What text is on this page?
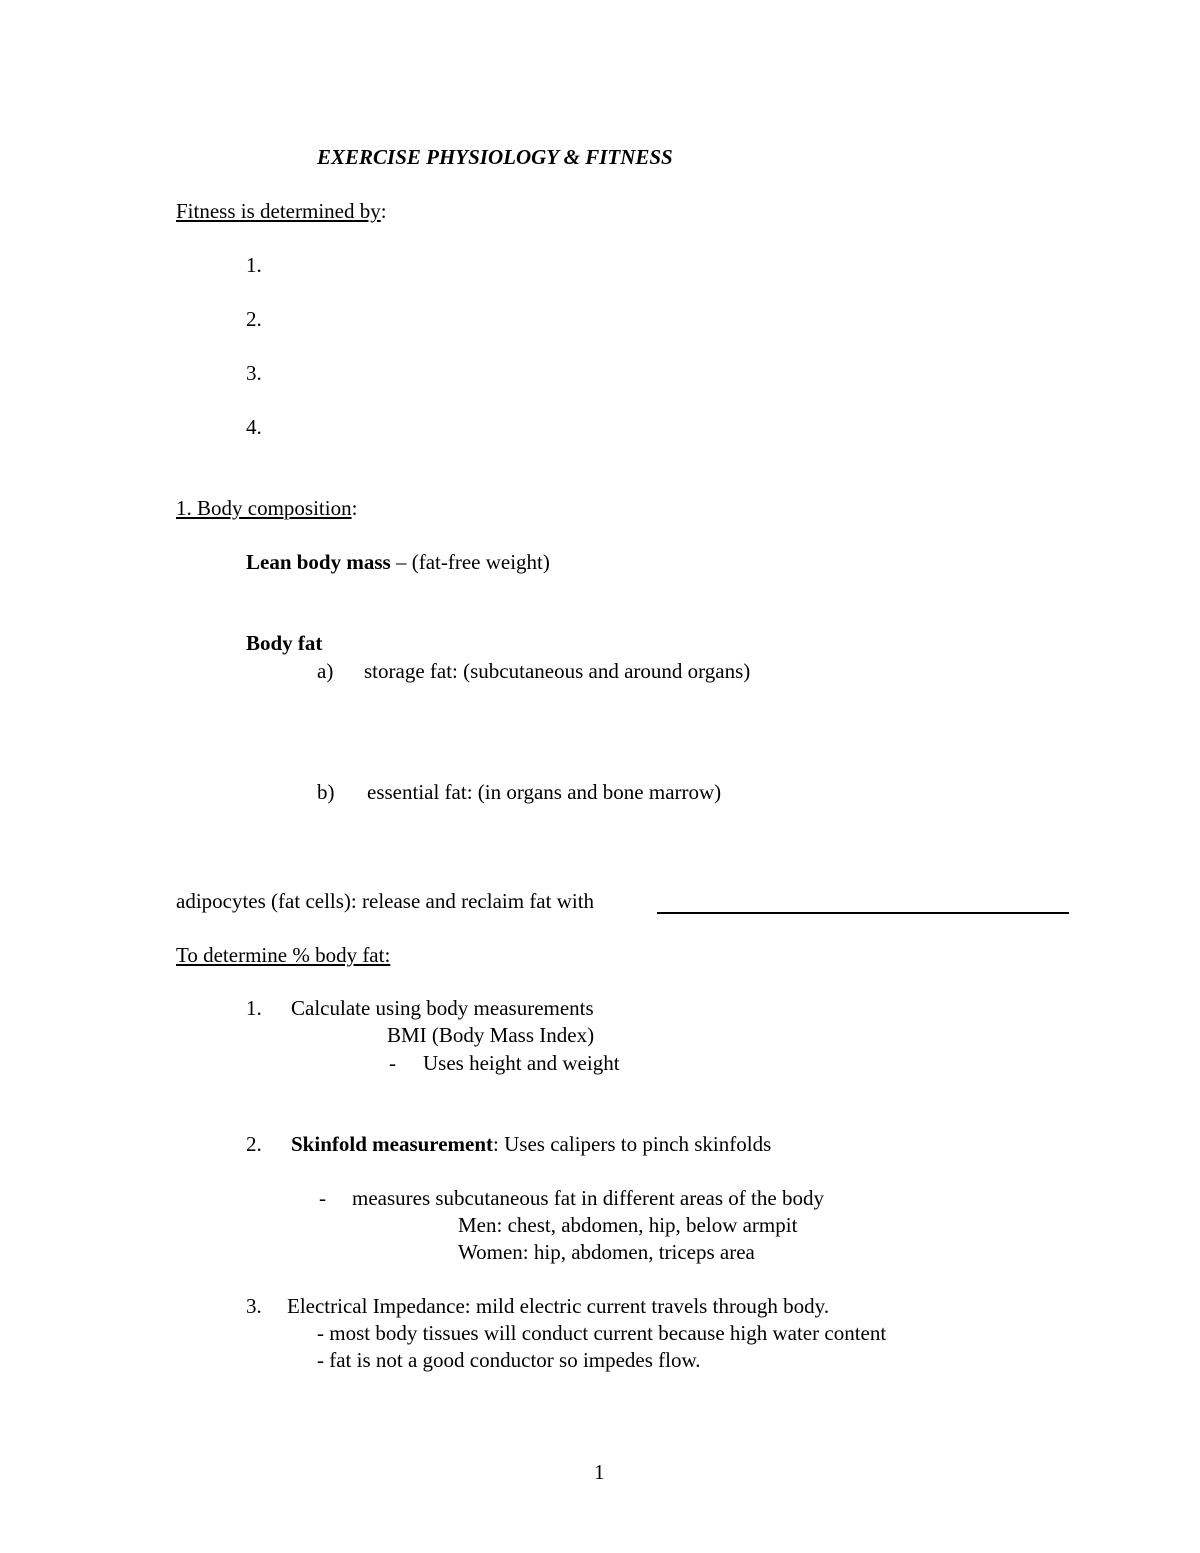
EXERCISE PHYSIOLOGY & FITNESS
Fitness is determined by:
1.
2.
3.
4.
1. Body composition:
Lean body mass – (fat-free weight)
Body fat
a) storage fat: (subcutaneous and around organs)
b) essential fat: (in organs and bone marrow)
adipocytes (fat cells): release and reclaim fat with
To determine % body fat:
1. Calculate using body measurements
BMI (Body Mass Index)
- Uses height and weight
2. Skinfold measurement: Uses calipers to pinch skinfolds
- measures subcutaneous fat in different areas of the body
Men: chest, abdomen, hip, below armpit
Women: hip, abdomen, triceps area
3. Electrical Impedance: mild electric current travels through body.
- most body tissues will conduct current because high water content
- fat is not a good conductor so impedes flow.
1
